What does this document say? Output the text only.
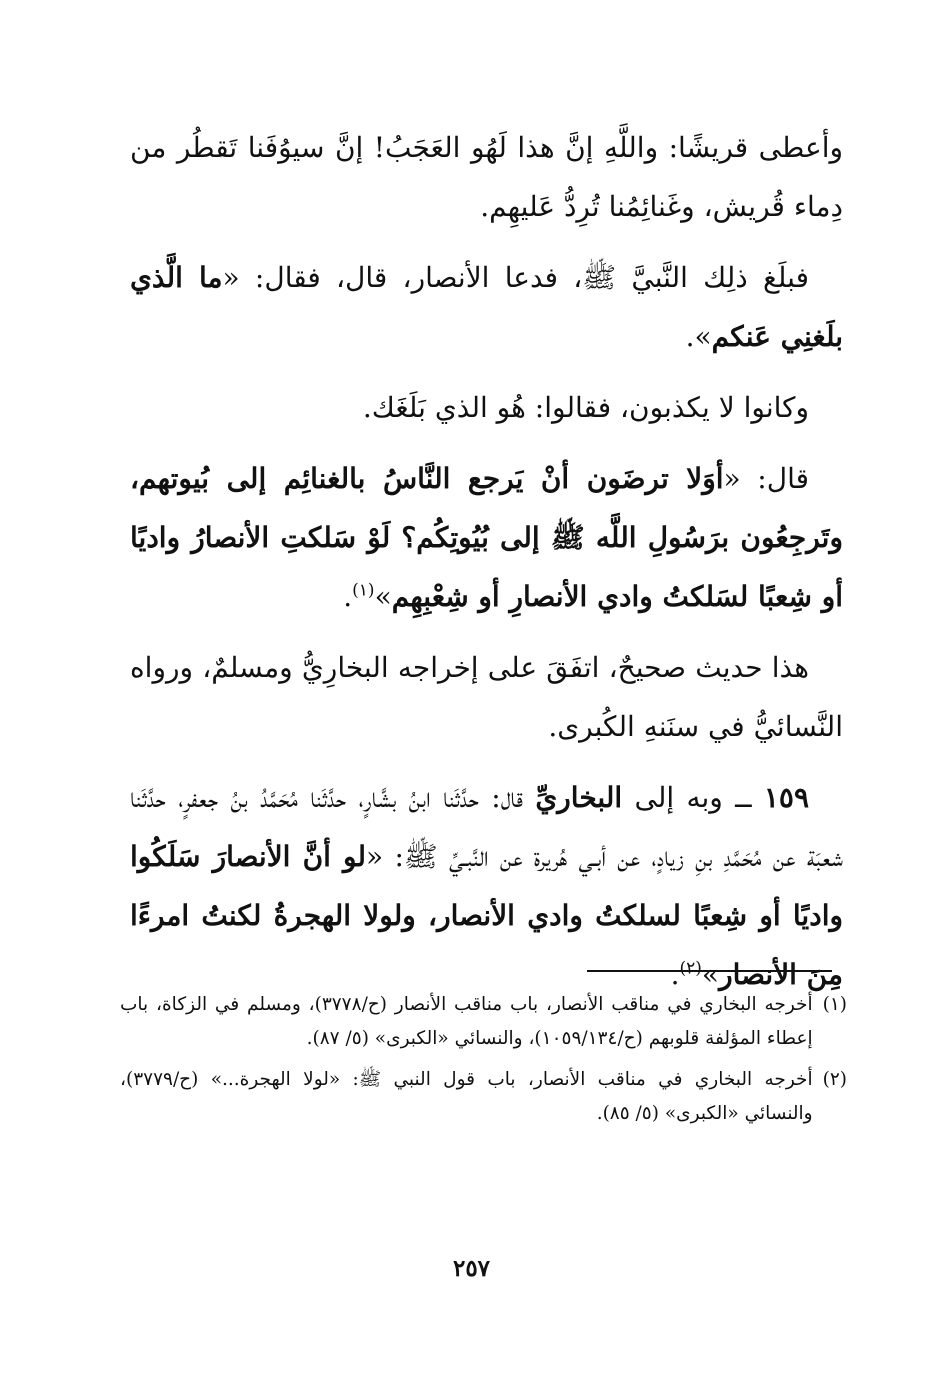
وأعطى قريشًا: واللَّهِ إنَّ هذا لَهُو العَجَبُ! إنَّ سيوُفَنا تَقطُر من دِماء قُريش، وغَنائِمُنا تُرِدُّ عَليهِم.

فبلَغ ذلِك النَّبيَّ ﷺ، فدعا الأنصار، قال، فقال: «ما الَّذي بلَغنِي عَنكم».

وكانوا لا يكذبون، فقالوا: هُو الذي بَلَغَك.

قال: «أوَلا ترضَون أنْ يَرجع النَّاسُ بالغنائِم إلى بُيوتهم، وتَرجِعُون برَسُولِ اللَّه ﷺ إلى بُيُوتِكُم؟ لَوْ سَلكتِ الأنصارُ واديًا أو شِعبًا لسَلكتُ وادي الأنصارِ أو شِعْبِهِم»$^{(١)}$.

هذا حديث صحيحٌ، اتفَقَ على إخراجه البخارِيُّ ومسلمٌ، ورواه النَّسائيُّ في سنَنهِ الكُبرى.

١٥٩ ــ وبه إلى البخاريِّ قال: حدَّثَنا ابنُ بشَّارٍ، حدَّثَنا مُحَمَّدُ بنُ جعفرٍ، حدَّثَنا شعبَة عن مُحَمَّدِ بنِ زيادٍ، عن أبـي هُريرة عن النَّبـيِّ ﷺ: «لو أنَّ الأنصارَ سَلَكُوا واديًا أو شِعبًا لسلكتُ وادي الأنصار، ولولا الهجرةُ لكنتُ امرءًا مِنَ الأنصار»$^{(٢)}$.

(١)
أخرجه البخاري في مناقب الأنصار، باب مناقب الأنصار (ح/٣٧٧٨)، ومسلم في الزكاة، باب إعطاء المؤلفة قلوبهم (ح/١٠٥٩/١٣٤)، والنسائي «الكبرى» (٥/ ٨٧).
(٢)
أخرجه البخاري في مناقب الأنصار، باب قول النبي ﷺ: «لولا الهجرة...» (ح/٣٧٧٩)، والنسائي «الكبرى» (٥/ ٨٥).
٢٥٧
